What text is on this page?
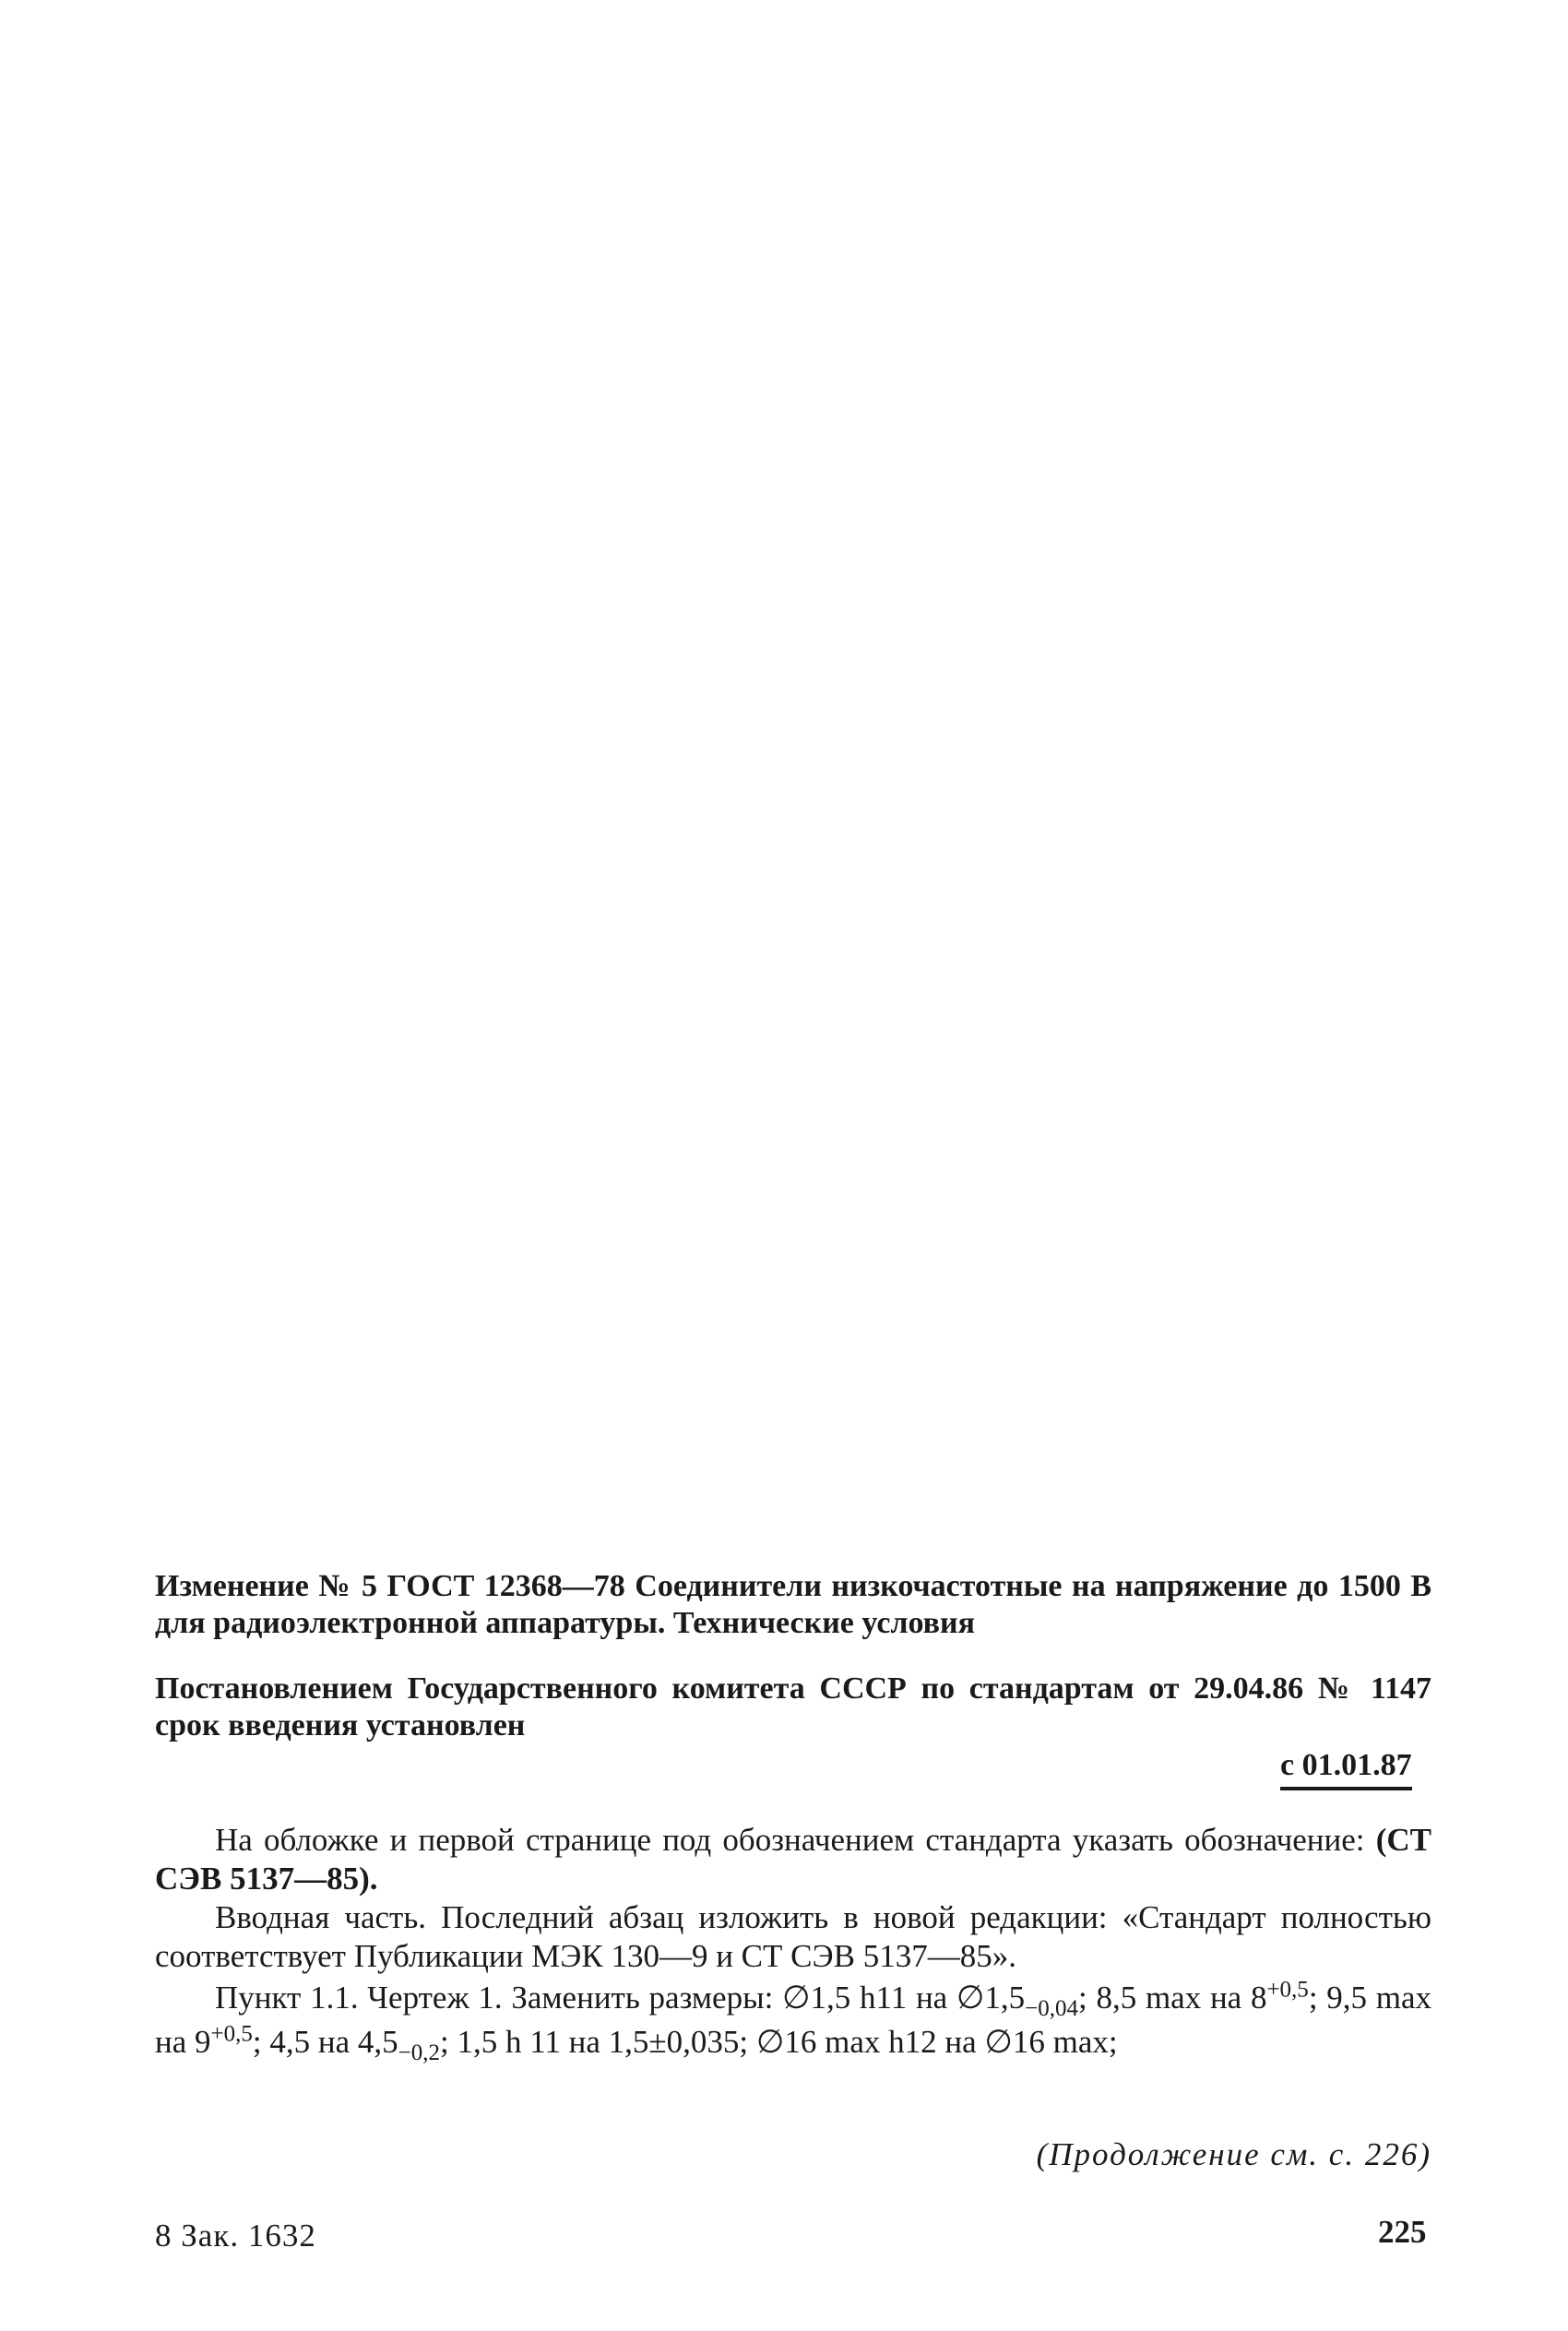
Изменение № 5 ГОСТ 12368—78 Соединители низкочастотные на напряжение до 1500 В для радиоэлектронной аппаратуры. Технические условия
Постановлением Государственного комитета СССР по стандартам от 29.04.86 № 1147 срок введения установлен
с 01.01.87
На обложке и первой странице под обозначением стандарта указать обозначение: (СТ СЭВ 5137—85).
Вводная часть. Последний абзац изложить в новой редакции: «Стандарт полностью соответствует Публикации МЭК 130—9 и СТ СЭВ 5137—85».
Пункт 1.1. Чертеж 1. Заменить размеры: ∅1,5 h11 на $\emptyset 1,5_{-0,04}$; 8,5 max на $8^{+0,5}$; 9,5 max на $9^{+0,5}$; 4,5 на $4,5_{-0,2}$; 1,5 h 11 на 1,5±0,035; ∅16 max h12 на ∅16 max;
(Продолжение см. с. 226)
8 Зак. 1632	225
